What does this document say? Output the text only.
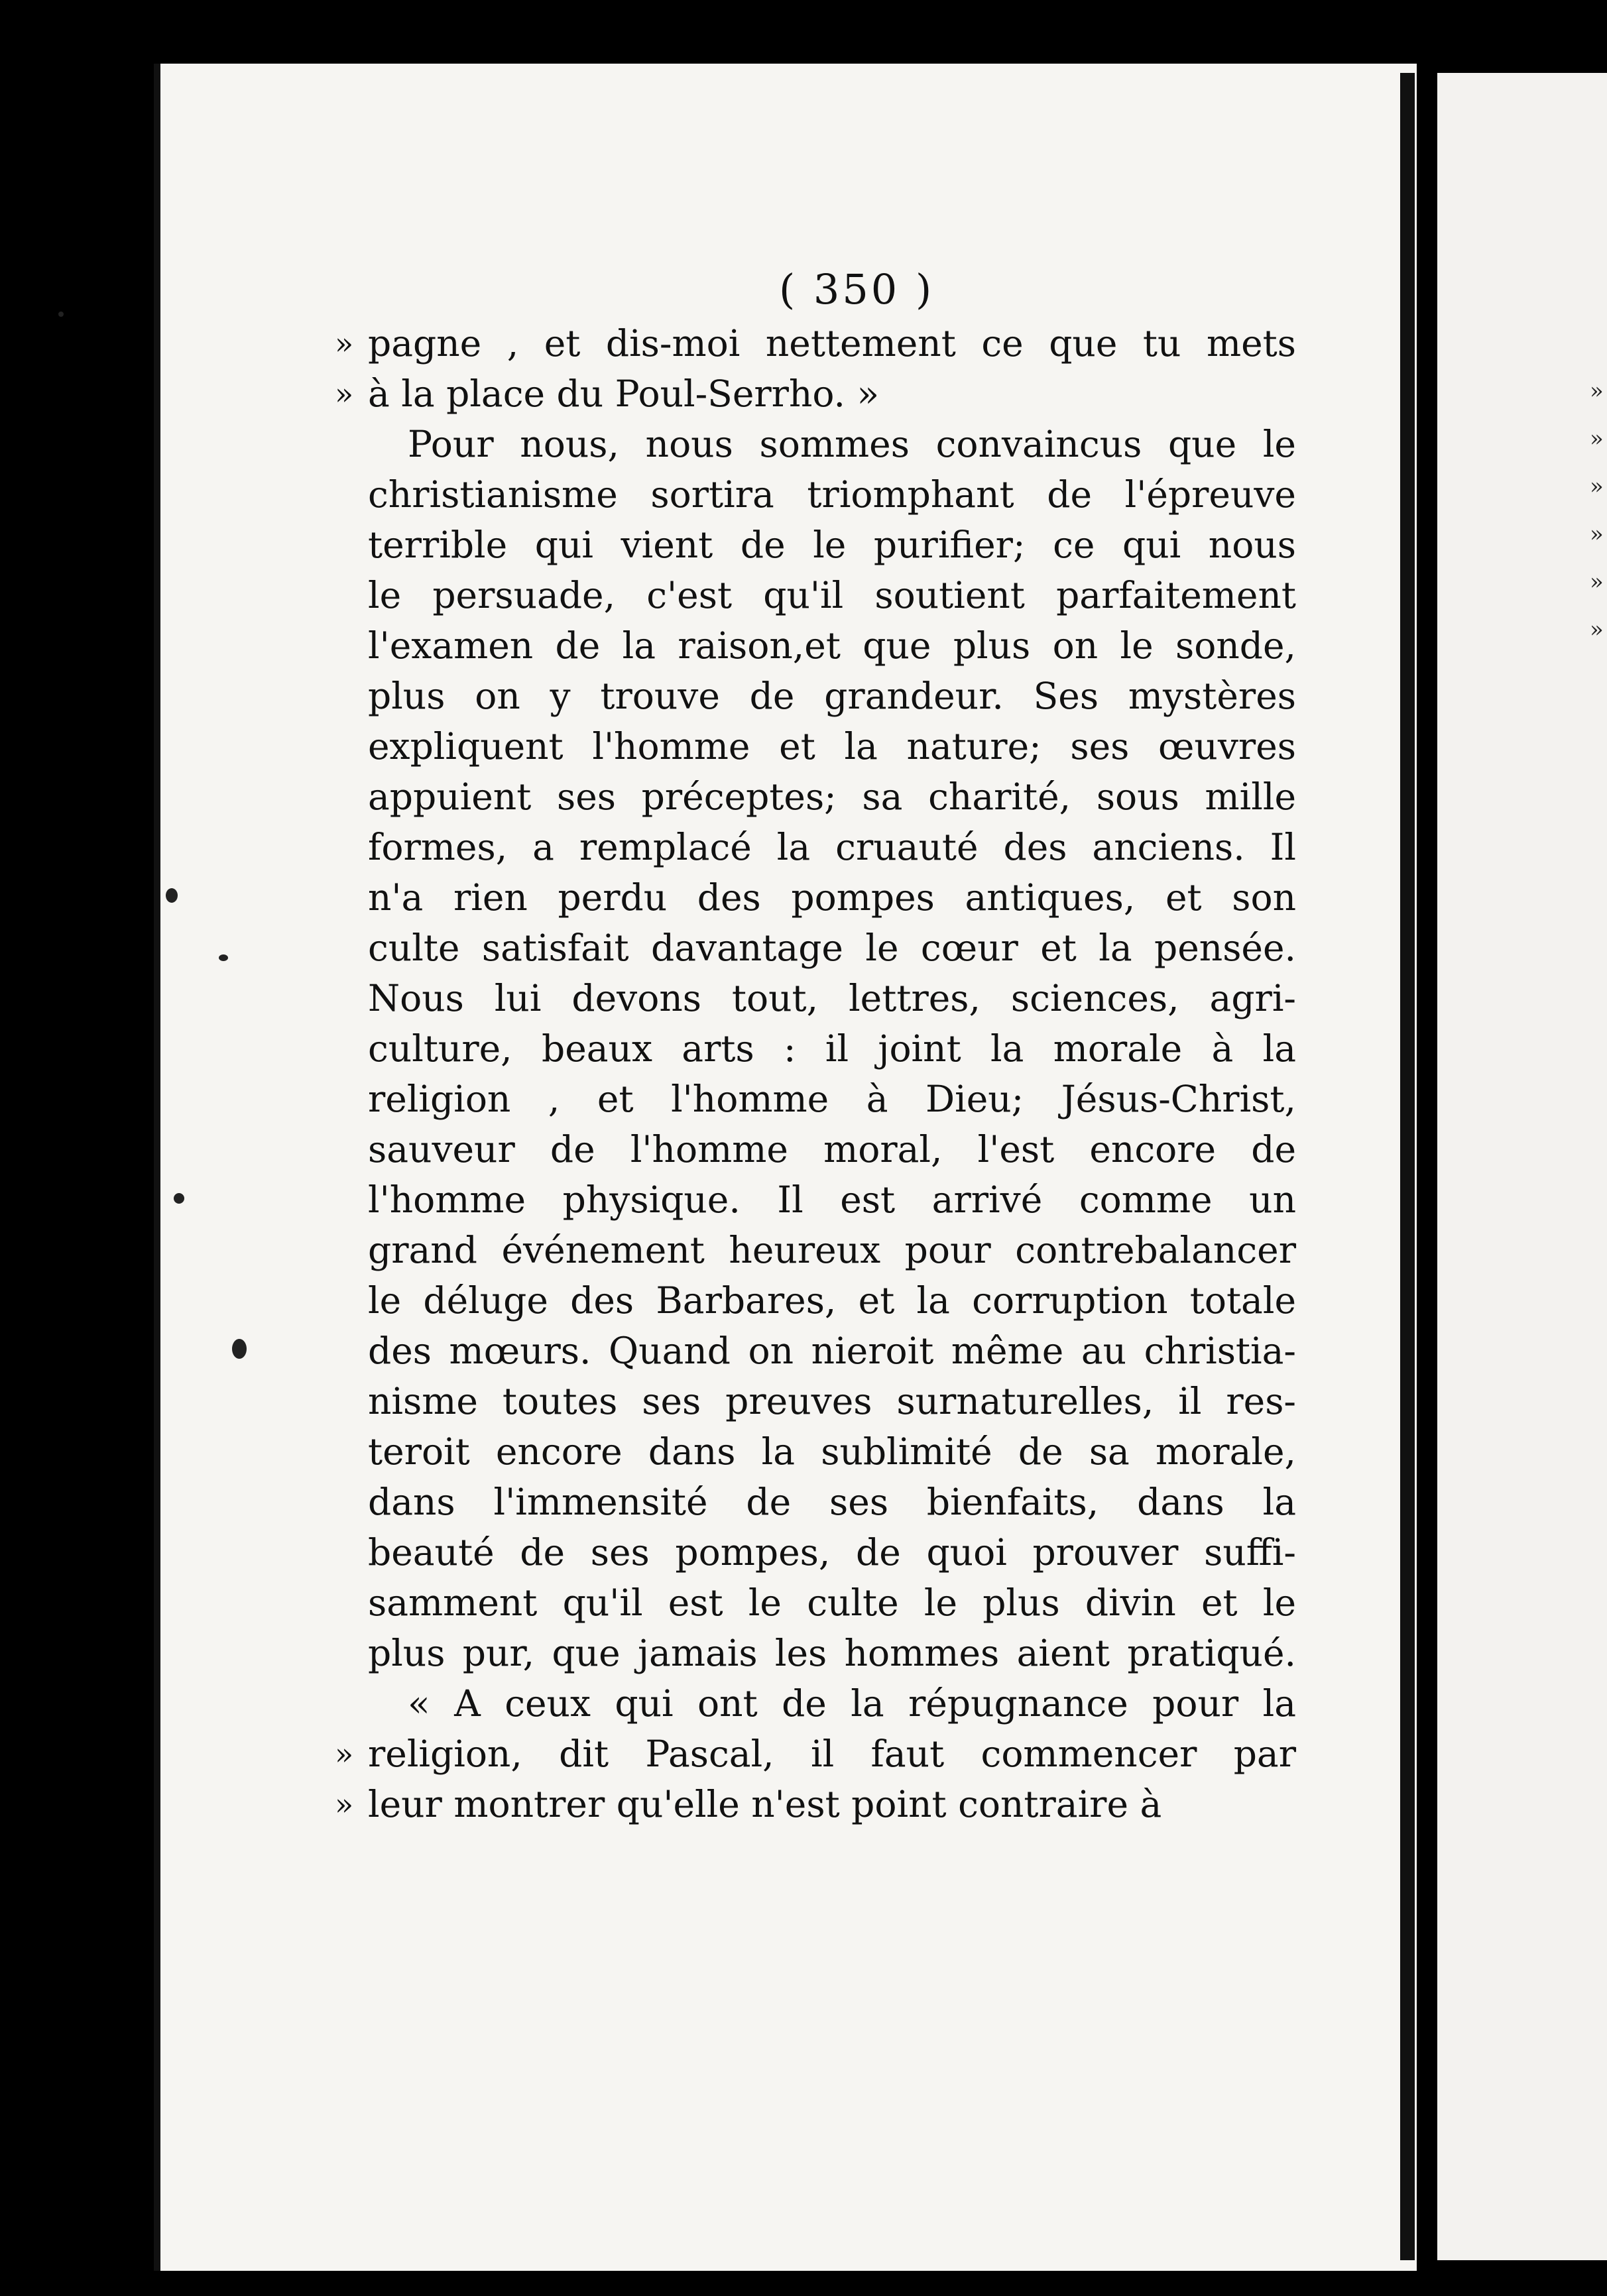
»
»
»
»
»
»
( 350 )
» pagne , et dis-moi nettement ce que tu mets
» à la place du Poul-Serrho. »
Pour nous, nous sommes convaincus que le
christianisme sortira triomphant de l'épreuve
terrible qui vient de le purifier; ce qui nous
le persuade, c'est qu'il soutient parfaitement
l'examen de la raison,et que plus on le sonde,
plus on y trouve de grandeur. Ses mystères
expliquent l'homme et la nature; ses œuvres
appuient ses préceptes; sa charité, sous mille
formes, a remplacé la cruauté des anciens. Il
n'a rien perdu des pompes antiques, et son
culte satisfait davantage le cœur et la pensée.
Nous lui devons tout, lettres, sciences, agri-
culture, beaux arts : il joint la morale à la
religion , et l'homme à Dieu; Jésus-Christ,
sauveur de l'homme moral, l'est encore de
l'homme physique. Il est arrivé comme un
grand événement heureux pour contrebalancer
le déluge des Barbares, et la corruption totale
des mœurs. Quand on nieroit même au christia-
nisme toutes ses preuves surnaturelles, il res-
teroit encore dans la sublimité de sa morale,
dans l'immensité de ses bienfaits, dans la
beauté de ses pompes, de quoi prouver suffi-
samment qu'il est le culte le plus divin et le
plus pur, que jamais les hommes aient pratiqué.
« A ceux qui ont de la répugnance pour la
» religion, dit Pascal, il faut commencer par
» leur montrer qu'elle n'est point contraire à
